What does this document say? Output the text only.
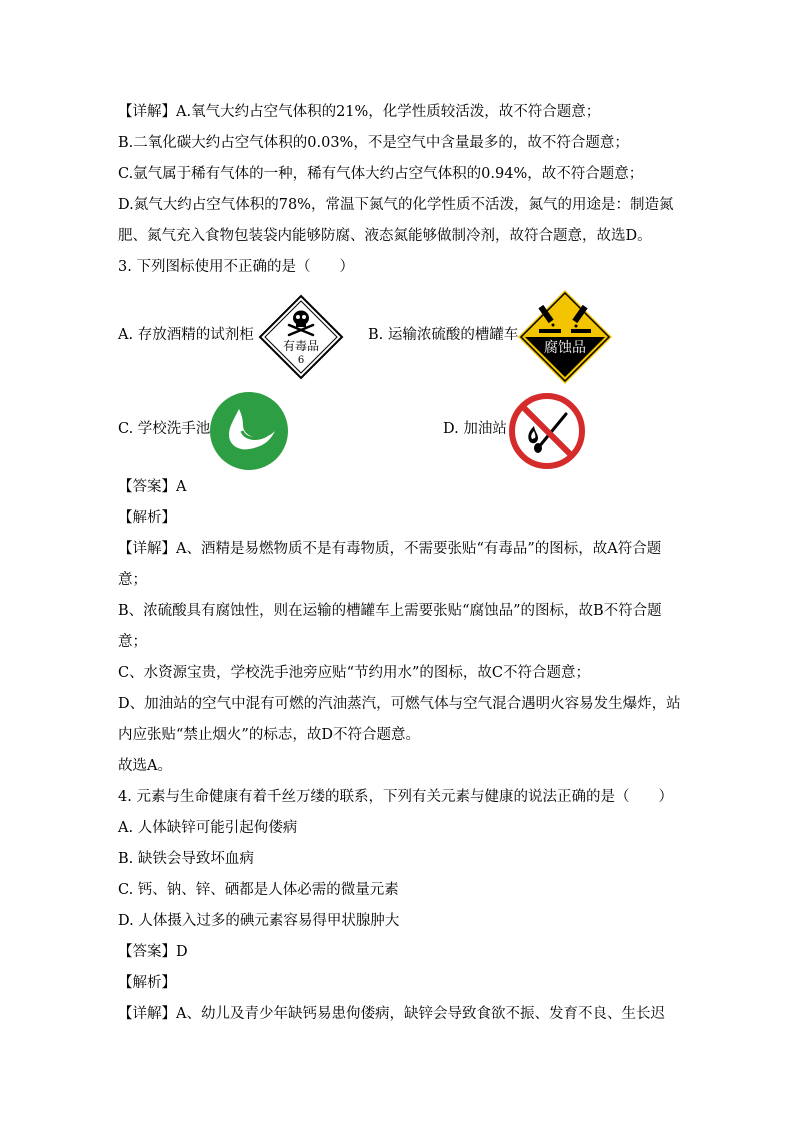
【详解】A.氧气大约占空气体积的21%，化学性质较活泼，故不符合题意；
B.二氧化碳大约占空气体积的0.03%，不是空气中含量最多的，故不符合题意；
C.氩气属于稀有气体的一种，稀有气体大约占空气体积的0.94%，故不符合题意；
D.氮气大约占空气体积的78%，常温下氮气的化学性质不活泼，氮气的用途是：制造氮
肥、氮气充入食物包装袋内能够防腐、液态氮能够做制冷剂，故符合题意，故选D。
3. 下列图标使用不正确的是（　　）
A. 存放酒精的试剂柜	B. 运输浓硫酸的槽罐车
C. 学校洗手池	D. 加油站
有毒品
6
腐蚀品
【答案】A
【解析】
【详解】A、酒精是易燃物质不是有毒物质，不需要张贴“有毒品”的图标，故A符合题
意；
B、浓硫酸具有腐蚀性，则在运输的槽罐车上需要张贴“腐蚀品”的图标，故B不符合题
意；
C、水资源宝贵，学校洗手池旁应贴“节约用水”的图标，故C不符合题意；
D、加油站的空气中混有可燃的汽油蒸汽，可燃气体与空气混合遇明火容易发生爆炸，站
内应张贴“禁止烟火”的标志，故D不符合题意。
故选A。
4. 元素与生命健康有着千丝万缕的联系，下列有关元素与健康的说法正确的是（　　）
A. 人体缺锌可能引起佝偻病
B. 缺铁会导致坏血病
C. 钙、钠、锌、硒都是人体必需的微量元素
D. 人体摄入过多的碘元素容易得甲状腺肿大
【答案】D
【解析】
【详解】A、幼儿及青少年缺钙易患佝偻病，缺锌会导致食欲不振、发育不良、生长迟
